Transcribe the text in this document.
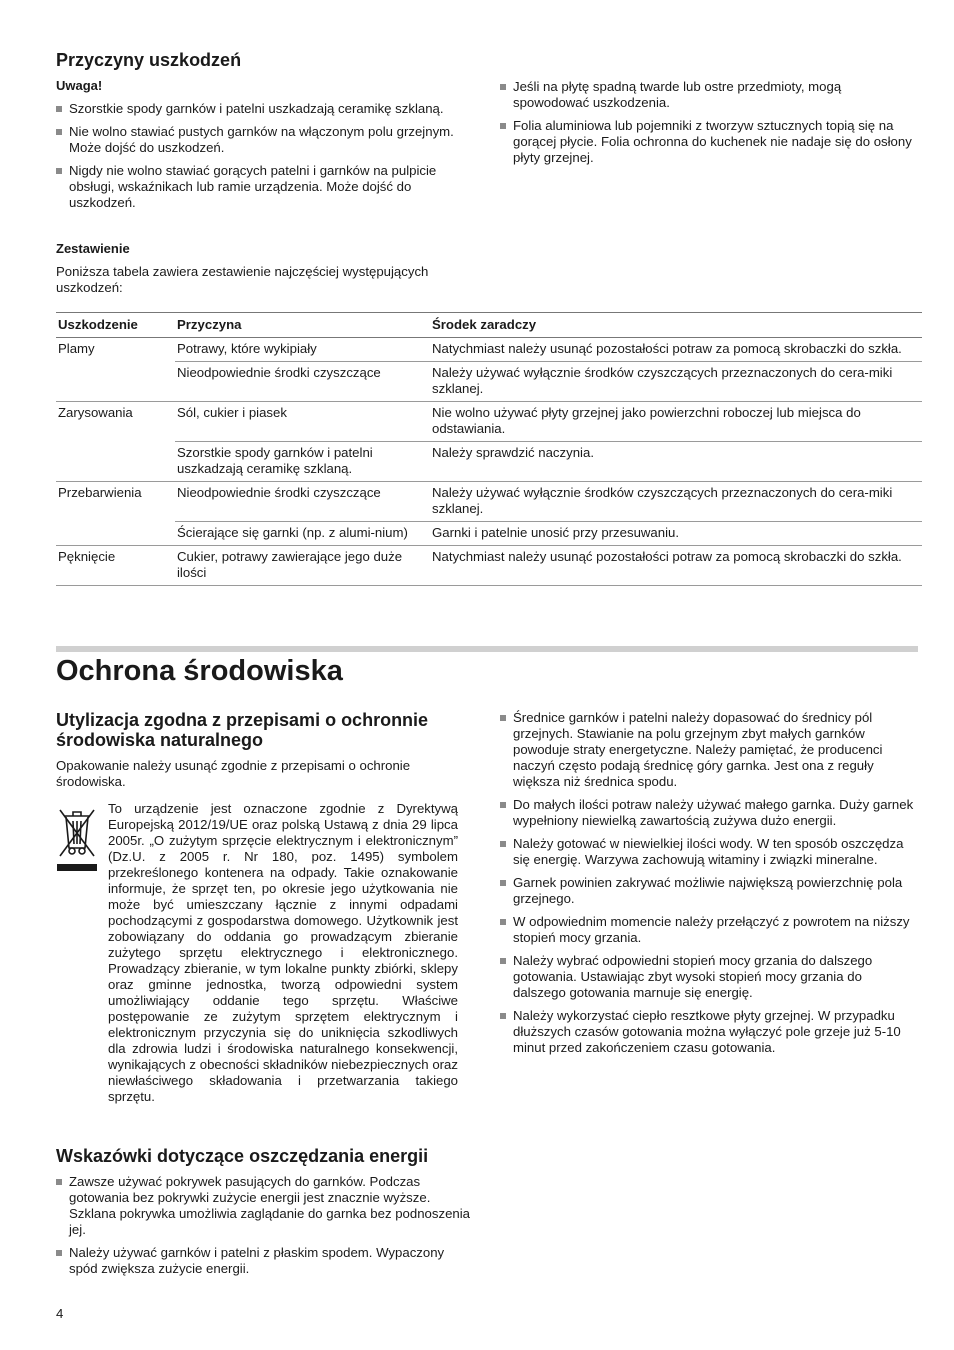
Przyczyny uszkodzeń
Uwaga!
Szorstkie spody garnków i patelni uszkadzają ceramikę szklaną.
Nie wolno stawiać pustych garnków na włączonym polu grzejnym. Może dojść do uszkodzeń.
Nigdy nie wolno stawiać gorących patelni i garnków na pulpicie obsługi, wskaźnikach lub ramie urządzenia. Może dojść do uszkodzeń.
Jeśli na płytę spadną twarde lub ostre przedmioty, mogą spowodować uszkodzenia.
Folia aluminiowa lub pojemniki z tworzyw sztucznych topią się na gorącej płycie. Folia ochronna do kuchenek nie nadaje się do osłony płyty grzejnej.
Zestawienie
Poniższa tabela zawiera zestawienie najczęściej występujących uszkodzeń:
Uszkodzenie	Przyczyna	Środek zaradczy
Plamy	Potrawy, które wykipiały	Natychmiast należy usunąć pozostałości potraw za pomocą skrobaczki do szkła.
	Nieodpowiednie środki czyszczące	Należy używać wyłącznie środków czyszczących przeznaczonych do cera-miki szklanej.
Zarysowania	Sól, cukier i piasek	Nie wolno używać płyty grzejnej jako powierzchni roboczej lub miejsca do odstawiania.
	Szorstkie spody garnków i patelni uszkadzają ceramikę szklaną.	Należy sprawdzić naczynia.
Przebarwienia	Nieodpowiednie środki czyszczące	Należy używać wyłącznie środków czyszczących przeznaczonych do cera-miki szklanej.
	Ścierające się garnki (np. z alumi-nium)	Garnki i patelnie unosić przy przesuwaniu.
Pęknięcie	Cukier, potrawy zawierające jego duże ilości	Natychmiast należy usunąć pozostałości potraw za pomocą skrobaczki do szkła.
Ochrona środowiska
Utylizacja zgodna z przepisami o ochronnie środowiska naturalnego
Opakowanie należy usunąć zgodnie z przepisami o ochronie środowiska.
To urządzenie jest oznaczone zgodnie z Dyrektywą Europejską 2012/19/UE oraz polską Ustawą z dnia 29 lipca 2005r. „O zużytym sprzęcie elektrycznym i elektronicznym” (Dz.U. z 2005 r. Nr 180, poz. 1495) symbolem przekreślonego kontenera na odpady. Takie oznakowanie informuje, że sprzęt ten, po okresie jego użytkowania nie może być umieszczany łącznie z innymi odpadami pochodzącymi z gospodarstwa domowego. Użytkownik jest zobowiązany do oddania go prowadzącym zbieranie zużytego sprzętu elektrycznego i elektronicznego. Prowadzący zbieranie, w tym lokalne punkty zbiórki, sklepy oraz gminne jednostka, tworzą odpowiedni system umożliwiający oddanie tego sprzętu. Właściwe postępowanie ze zużytym sprzętem elektrycznym i elektronicznym przyczynia się do uniknięcia szkodliwych dla zdrowia ludzi i środowiska naturalnego konsekwencji, wynikających z obecności składników niebezpiecznych oraz niewłaściwego składowania i przetwarzania takiego sprzętu.
Wskazówki dotyczące oszczędzania energii
Zawsze używać pokrywek pasujących do garnków. Podczas gotowania bez pokrywki zużycie energii jest znacznie wyższe. Szklana pokrywka umożliwia zaglądanie do garnka bez podnoszenia jej.
Należy używać garnków i patelni z płaskim spodem. Wypaczony spód zwiększa zużycie energii.
Średnice garnków i patelni należy dopasować do średnicy pól grzejnych. Stawianie na polu grzejnym zbyt małych garnków powoduje straty energetyczne. Należy pamiętać, że producenci naczyń często podają średnicę góry garnka. Jest ona z reguły większa niż średnica spodu.
Do małych ilości potraw należy używać małego garnka. Duży garnek wypełniony niewielką zawartością zużywa dużo energii.
Należy gotować w niewielkiej ilości wody. W ten sposób oszczędza się energię. Warzywa zachowują witaminy i związki mineralne.
Garnek powinien zakrywać możliwie największą powierzchnię pola grzejnego.
W odpowiednim momencie należy przełączyć z powrotem na niższy stopień mocy grzania.
Należy wybrać odpowiedni stopień mocy grzania do dalszego gotowania. Ustawiając zbyt wysoki stopień mocy grzania do dalszego gotowania marnuje się energię.
Należy wykorzystać ciepło resztkowe płyty grzejnej. W przypadku dłuższych czasów gotowania można wyłączyć pole grzeje już 5-10 minut przed zakończeniem czasu gotowania.
4
